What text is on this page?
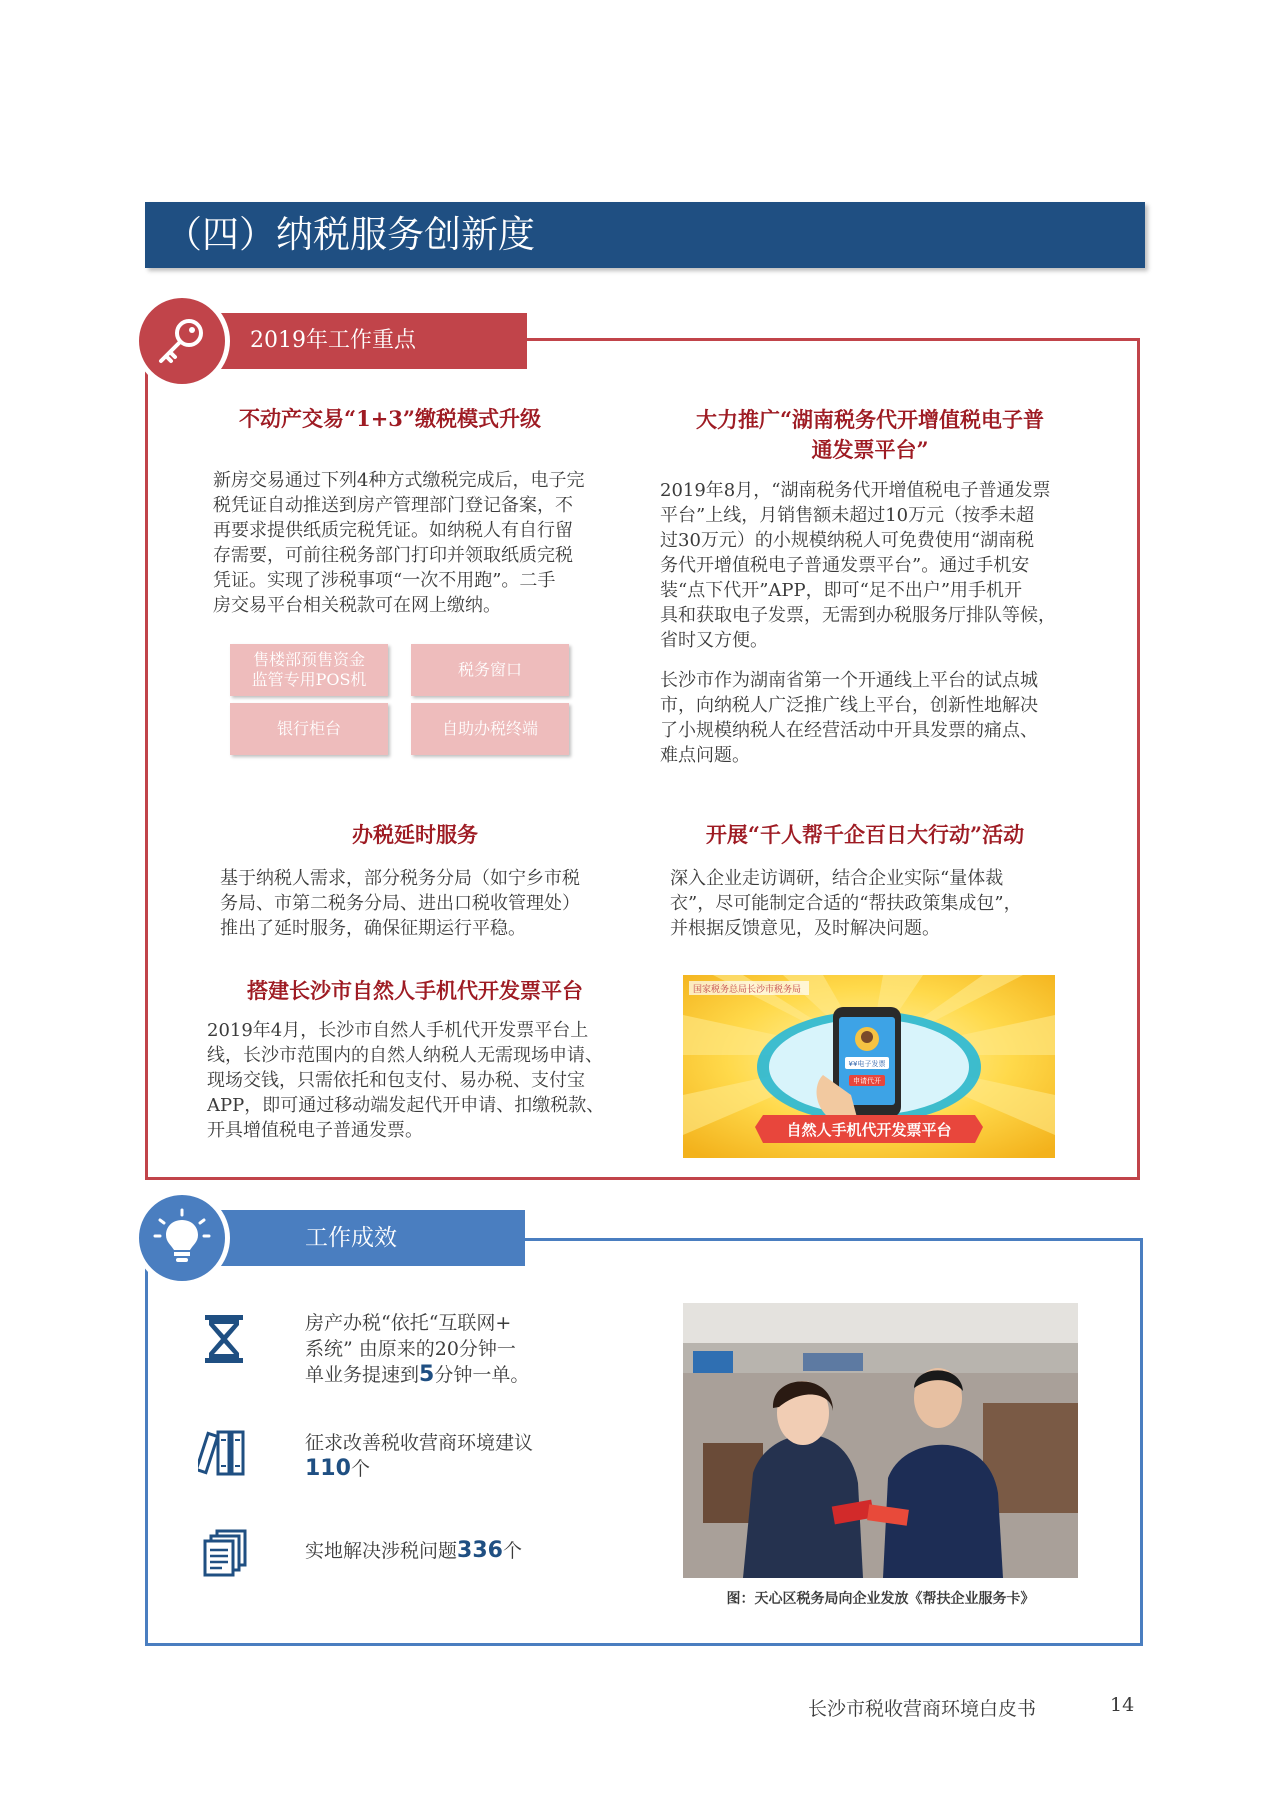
（四）纳税服务创新度
2019年工作重点
不动产交易“1+3”缴税模式升级
新房交易通过下列4种方式缴税完成后，电子完
税凭证自动推送到房产管理部门登记备案，不
再要求提供纸质完税凭证。如纳税人有自行留
存需要，可前往税务部门打印并领取纸质完税
凭证。实现了涉税事项“一次不用跑”。二手
房交易平台相关税款可在网上缴纳。
售楼部预售资金
监管专用POS机
税务窗口
银行柜台	自助办税终端
大力推广“湖南税务代开增值税电子普
通发票平台”
2019年8月，“湖南税务代开增值税电子普通发票
平台”上线，月销售额未超过10万元（按季未超
过30万元）的小规模纳税人可免费使用“湖南税
务代开增值税电子普通发票平台”。通过手机安
装“点下代开”APP，即可“足不出户”用手机开
具和获取电子发票，无需到办税服务厅排队等候，
省时又方便。
长沙市作为湖南省第一个开通线上平台的试点城
市，向纳税人广泛推广线上平台，创新性地解决
了小规模纳税人在经营活动中开具发票的痛点、
难点问题。
办税延时服务
基于纳税人需求，部分税务分局（如宁乡市税
务局、市第二税务分局、进出口税收管理处）
推出了延时服务，确保征期运行平稳。
开展“千人帮千企百日大行动”活动
深入企业走访调研，结合企业实际“量体裁
衣”，尽可能制定合适的“帮扶政策集成包”，
并根据反馈意见，及时解决问题。
搭建长沙市自然人手机代开发票平台
2019年4月，长沙市自然人手机代开发票平台上
线，长沙市范围内的自然人纳税人无需现场申请、
现场交钱，只需依托和包支付、易办税、支付宝
APP，即可通过移动端发起代开申请、扣缴税款、
开具增值税电子普通发票。
¥¥电子发票
申请代开
国家税务总局长沙市税务局
自然人手机代开发票平台
工作成效
房产办税“依托“互联网+
系统” 由原来的20分钟一
单业务提速到5分钟一单。
征求改善税收营商环境建议
110个
实地解决涉税问题336个
图：天心区税务局向企业发放《帮扶企业服务卡》
长沙市税收营商环境白皮书	14
